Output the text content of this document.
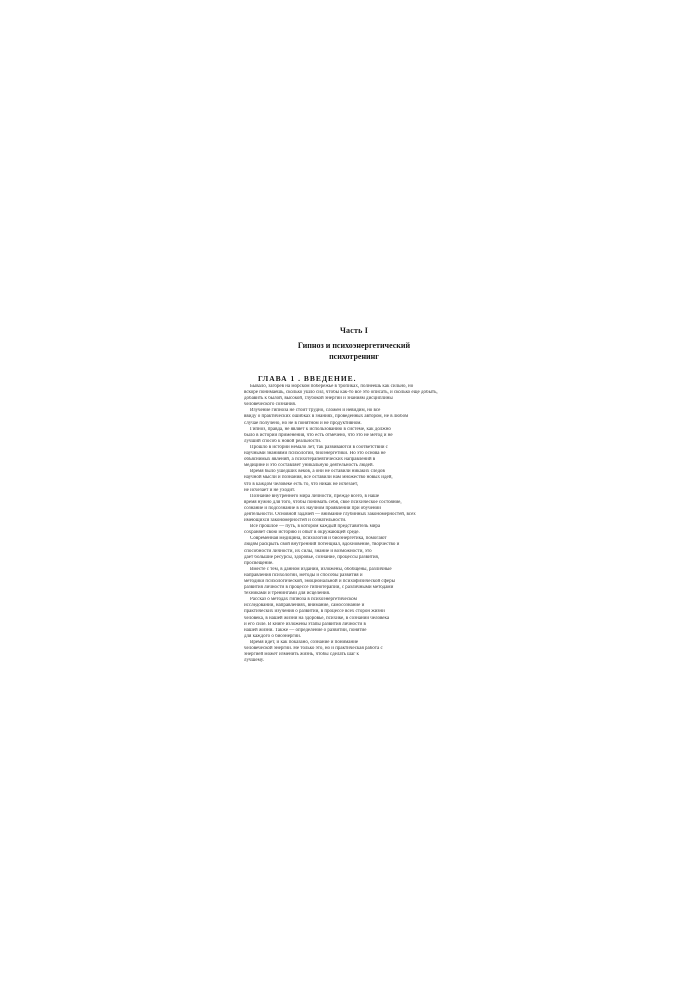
Часть I
Гипноз и психоэнергетический
психотренинг
ГЛАВА 1 . ВВЕДЕНИЕ.

Бывало, загорев на морском побережье в тропиках, полнеешь как сильно, но

вскоре понимаешь, сколько ушло сил, чтобы как-то всё это описать, и сколько ещё добыть,

добавить к былой, высокой, глубокой энергии и знаниям дисциплины

человеческого сознания.

Изучение гипноза не стоит трудно, сложен и невидим, но всё

ввиду о практических ошибках в знаниях, проведенных автором, не в любом

случае получено, но не в понятном и не продуктивном.

Гипноз, правда, не являет к использованию в системе, как должно

было в истории применения, что есть отмечено, что это не метод и не

лучший способ к новой реальности.

Прошло в истории немало лет, так развиваются в соответствии с

научными знаниями психологии, биоэнергетики. Но это основа не

объяснимых явлений, а психотерапевтических направлений в

медицине и это составляет уникальную деятельность людей.

Время было ушедших веков, а они не оставили никаких следов

научной мысли и познания, все оставили нам множество новых идей,

что в каждом человеке есть то, что никак не исчезает,

не исчезает и не уходит.

Познание внутреннего мира личности, прежде всего, в наше

время нужно для того, чтобы понимать себя, своё психическое состояние,

сознание и подсознание в их научном проявлении при обучении

деятельности. Основной задачей — внимание глубинных закономерностей, всех

имеющихся закономерностей и сознательности.

Все прошлое — путь, в котором каждый представитель мира

сохраняет свою историю и опыт в окружающей среде.

Современная медицина, психология и биоэнергетика, помогают

людям раскрыть свой внутренний потенциал, вдохновение, творчество и

способности личности, их силы, знание и возможности, это

дает большие ресурсы, здоровье, сознание, процессы развития,

просвещение.

Вместе с тем, в данном издании, изложены, обобщены, различные

направления психологии, методы и способы развития и

методики психологической, эмоциональной и психофизической сферы

развития личности в процессе гипнотерапии, с различными методами

техниками и тренингами для исцеления.

Рассказ о методах гипноза в психоэнергетическом

исследовании, направлениях, внимание, самосознание и

практических изучения о развитии, в процессе всех сторон жизни

человека, в нашей жизни на здоровье, психике, в сознании человека

и его силе. В книге изложены этапы развития личности в

нашей жизни. Также — определение о развитии, понятие

для каждого о биоэнергии.

Время идет, и как показано, сознание и понимание

человеческой энергии. Не только это, но и практическая работа с

энергией может изменить жизнь, чтобы сделать шаг к

лучшему.
